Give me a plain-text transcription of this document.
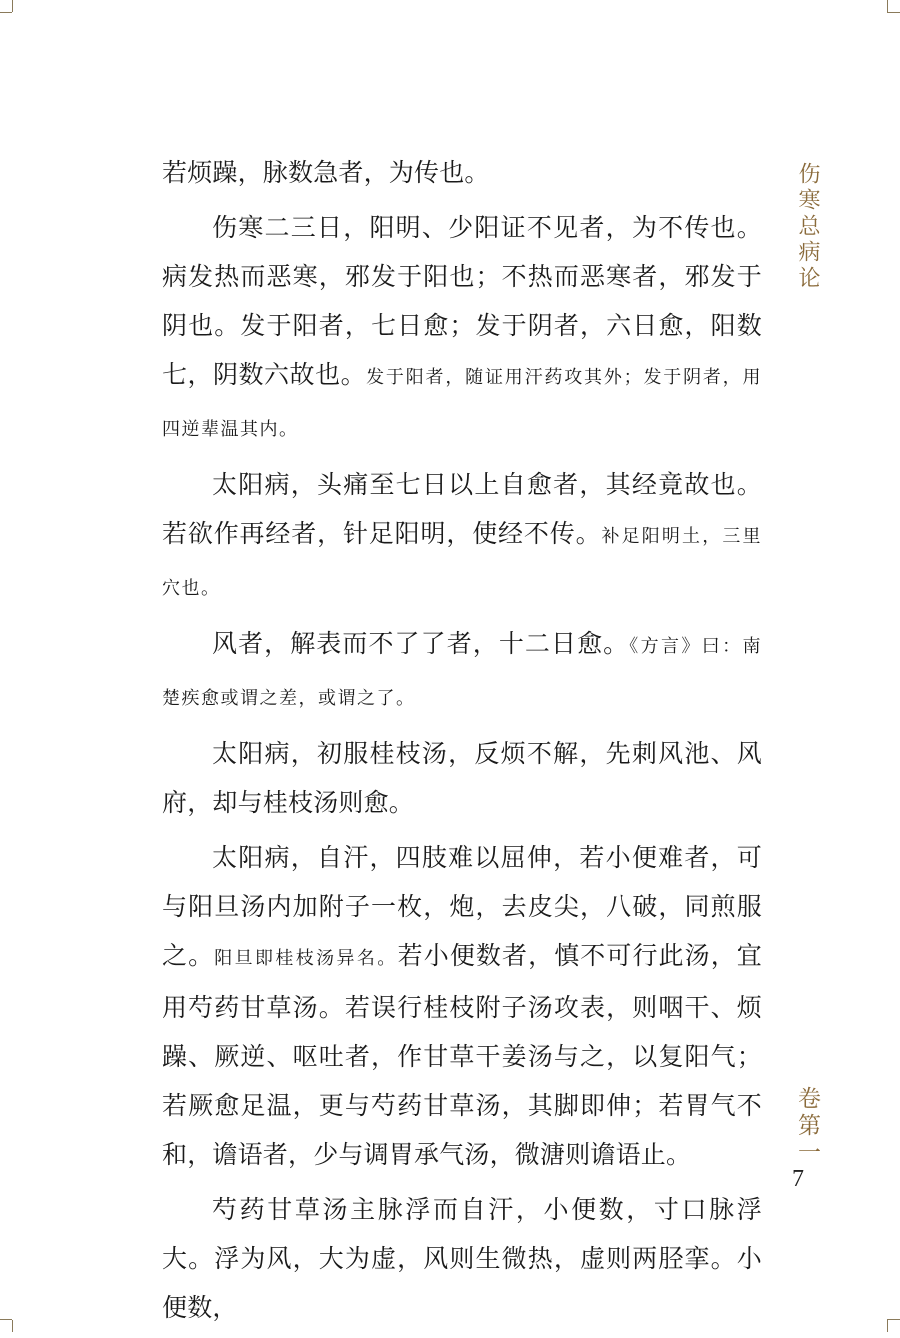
若烦躁，脉数急者，为传也。

伤寒二三日，阳明、少阳证不见者，为不传也。病发热而恶寒，邪发于阳也；不热而恶寒者，邪发于阴也。发于阳者，七日愈；发于阴者，六日愈，阳数七，阴数六故也。发于阳者，随证用汗药攻其外；发于阴者，用四逆辈温其内。

太阳病，头痛至七日以上自愈者，其经竟故也。若欲作再经者，针足阳明，使经不传。补足阳明土，三里穴也。

风者，解表而不了了者，十二日愈。《方言》曰：南楚疾愈或谓之差，或谓之了。

太阳病，初服桂枝汤，反烦不解，先刺风池、风府，却与桂枝汤则愈。

太阳病，自汗，四肢难以屈伸，若小便难者，可与阳旦汤内加附子一枚，炮，去皮尖，八破，同煎服之。阳旦即桂枝汤异名。若小便数者，慎不可行此汤，宜用芍药甘草汤。若误行桂枝附子汤攻表，则咽干、烦躁、厥逆、呕吐者，作甘草干姜汤与之，以复阳气；若厥愈足温，更与芍药甘草汤，其脚即伸；若胃气不和，谵语者，少与调胃承气汤，微溏则谵语止。

芍药甘草汤主脉浮而自汗，小便数，寸口脉浮大。浮为风，大为虚，风则生微热，虚则两胫挛。小便数，

伤寒总病论
卷第一
7
